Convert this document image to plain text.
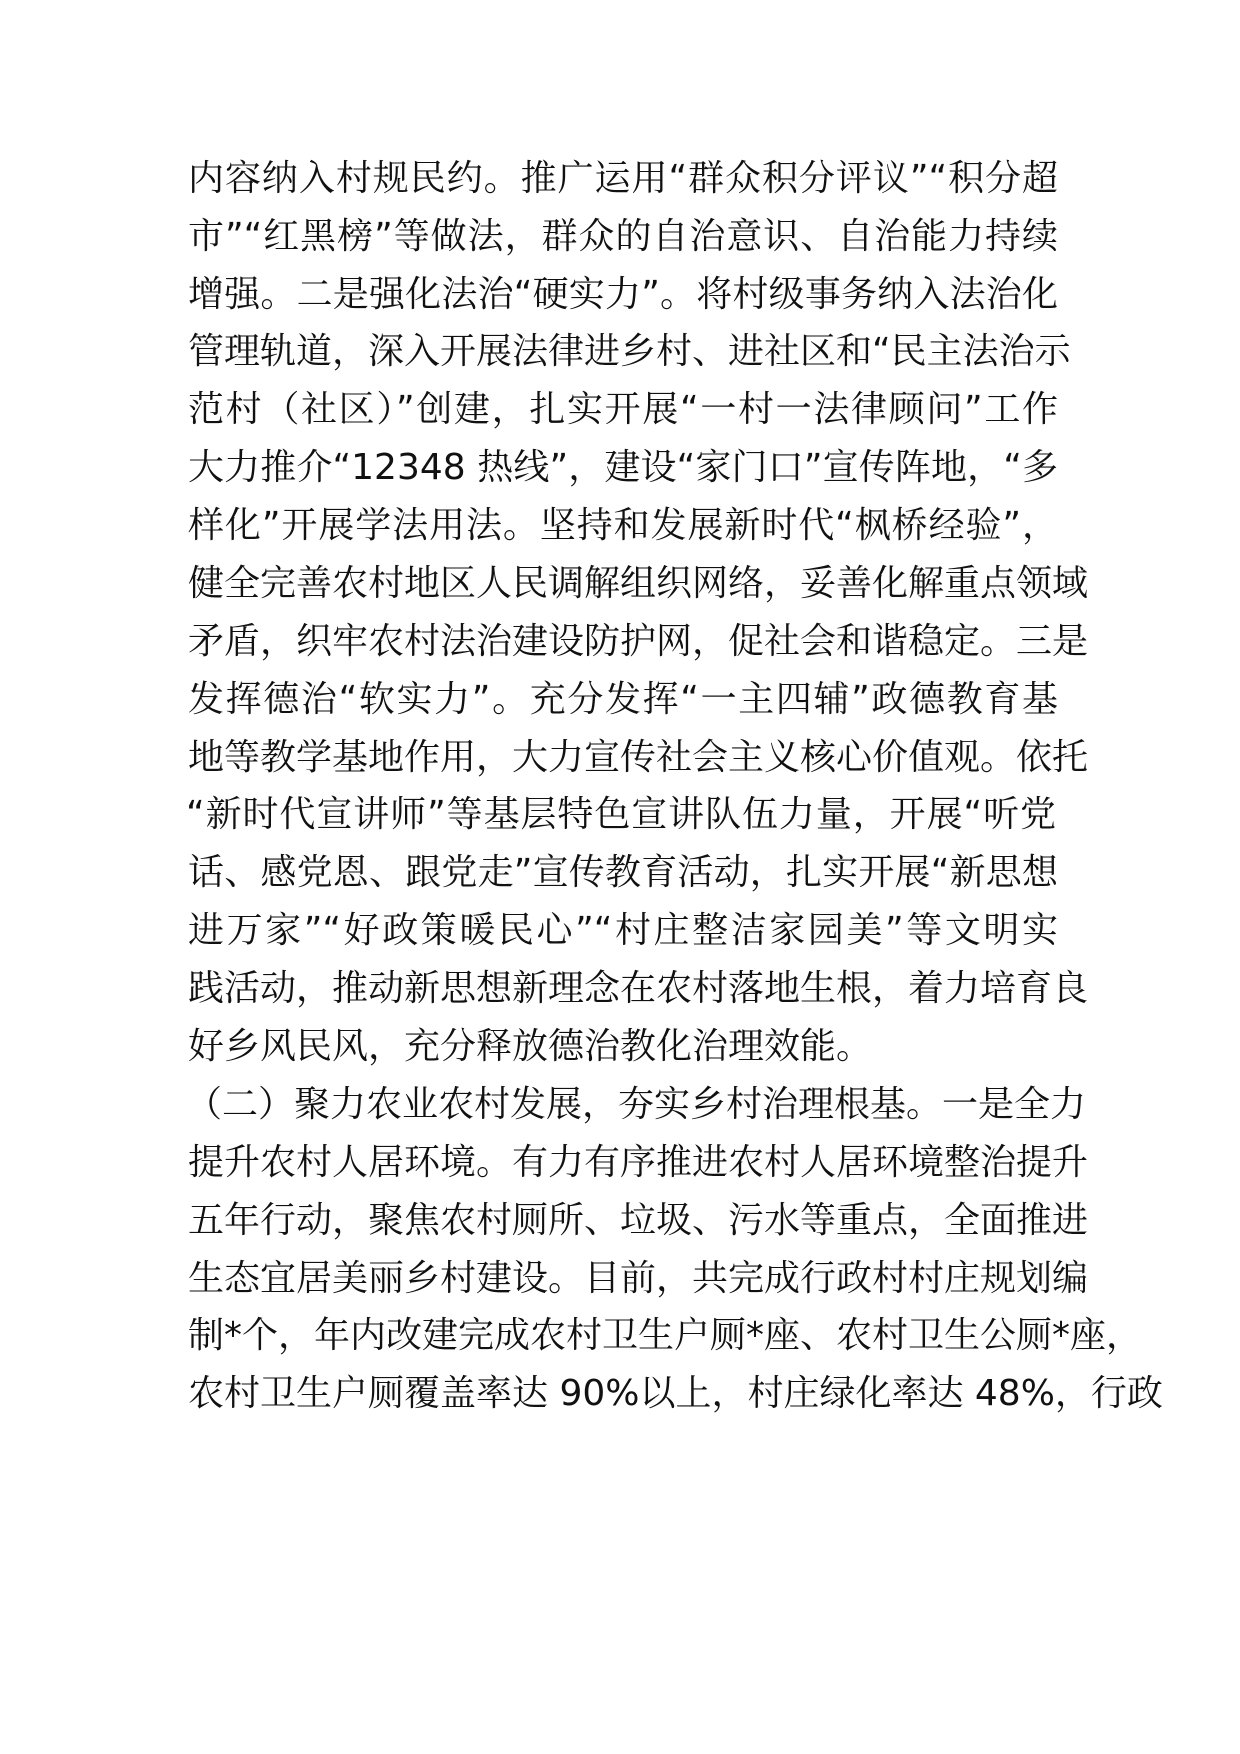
内容纳入村规民约。推广运用“群众积分评议”“积分超
市”“红黑榜”等做法，群众的自治意识、自治能力持续
增强。二是强化法治“硬实力”。将村级事务纳入法治化
管理轨道，深入开展法律进乡村、进社区和“民主法治示
范村（社区）”创建，扎实开展“一村一法律顾问”工作
大力推介“12348 热线”，建设“家门口”宣传阵地，“多
样化”开展学法用法。坚持和发展新时代“枫桥经验”，
健全完善农村地区人民调解组织网络，妥善化解重点领域
矛盾，织牢农村法治建设防护网，促社会和谐稳定。三是
发挥德治“软实力”。充分发挥“一主四辅”政德教育基
地等教学基地作用，大力宣传社会主义核心价值观。依托
“新时代宣讲师”等基层特色宣讲队伍力量，开展“听党
话、感党恩、跟党走”宣传教育活动，扎实开展“新思想
进万家”“好政策暖民心”“村庄整洁家园美”等文明实
践活动，推动新思想新理念在农村落地生根，着力培育良
好乡风民风，充分释放德治教化治理效能。
（二）聚力农业农村发展，夯实乡村治理根基。一是全力
提升农村人居环境。有力有序推进农村人居环境整治提升
五年行动，聚焦农村厕所、垃圾、污水等重点，全面推进
生态宜居美丽乡村建设。目前，共完成行政村村庄规划编
制*个，年内改建完成农村卫生户厕*座、农村卫生公厕*座，
农村卫生户厕覆盖率达 90%以上，村庄绿化率达 48%，行政
